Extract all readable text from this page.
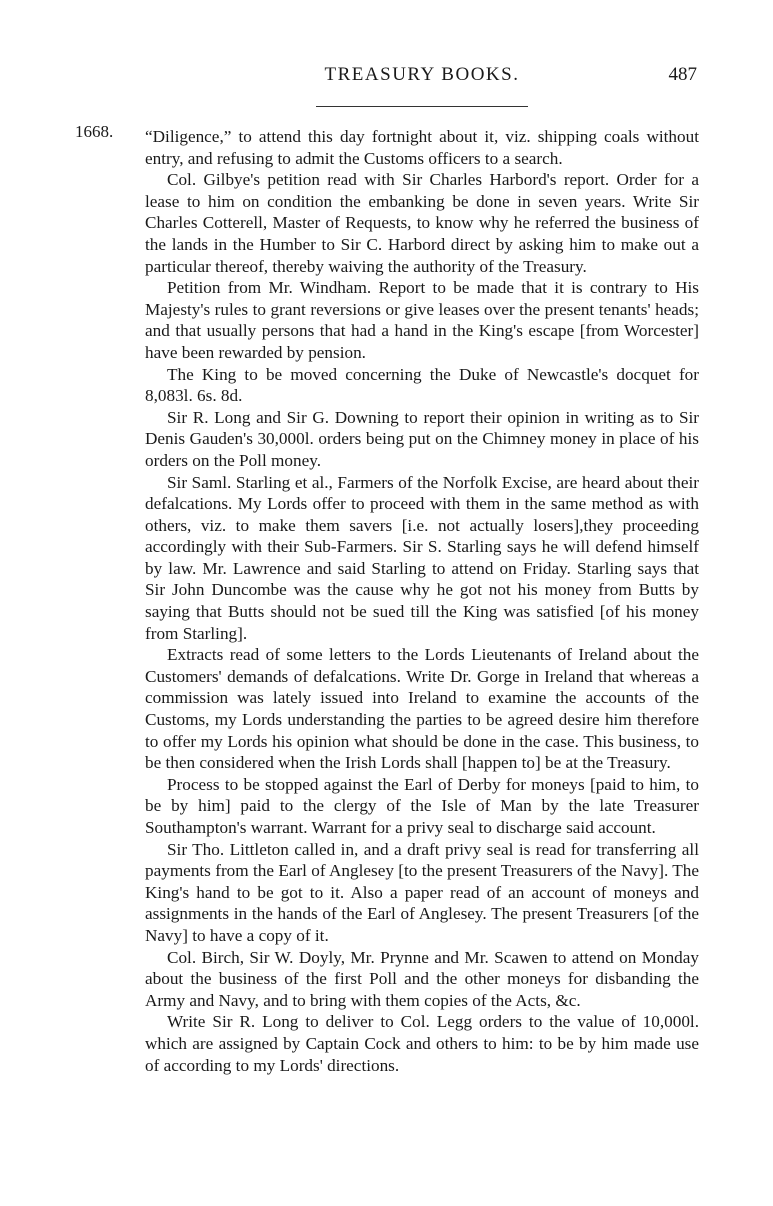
TREASURY BOOKS.	487
1668. “Diligence,” to attend this day fortnight about it, viz. shipping coals without entry, and refusing to admit the Customs officers to a search.

Col. Gilbye's petition read with Sir Charles Harbord's report. Order for a lease to him on condition the embanking be done in seven years. Write Sir Charles Cotterell, Master of Requests, to know why he referred the business of the lands in the Humber to Sir C. Harbord direct by asking him to make out a particular thereof, thereby waiving the authority of the Treasury.

Petition from Mr. Windham. Report to be made that it is contrary to His Majesty's rules to grant reversions or give leases over the present tenants' heads; and that usually persons that had a hand in the King's escape [from Worcester] have been rewarded by pension.

The King to be moved concerning the Duke of Newcastle's docquet for 8,083l. 6s. 8d.

Sir R. Long and Sir G. Downing to report their opinion in writing as to Sir Denis Gauden's 30,000l. orders being put on the Chimney money in place of his orders on the Poll money.

Sir Saml. Starling et al., Farmers of the Norfolk Excise, are heard about their defalcations. My Lords offer to proceed with them in the same method as with others, viz. to make them savers [i.e. not actually losers],they proceeding accordingly with their Sub-Farmers. Sir S. Starling says he will defend himself by law. Mr. Lawrence and said Starling to attend on Friday. Starling says that Sir John Duncombe was the cause why he got not his money from Butts by saying that Butts should not be sued till the King was satisfied [of his money from Starling].

Extracts read of some letters to the Lords Lieutenants of Ireland about the Customers' demands of defalcations. Write Dr. Gorge in Ireland that whereas a commission was lately issued into Ireland to examine the accounts of the Customs, my Lords understanding the parties to be agreed desire him therefore to offer my Lords his opinion what should be done in the case. This business, to be then considered when the Irish Lords shall [happen to] be at the Treasury.

Process to be stopped against the Earl of Derby for moneys [paid to him, to be by him] paid to the clergy of the Isle of Man by the late Treasurer Southampton's warrant. Warrant for a privy seal to discharge said account.

Sir Tho. Littleton called in, and a draft privy seal is read for transferring all payments from the Earl of Anglesey [to the present Treasurers of the Navy]. The King's hand to be got to it. Also a paper read of an account of moneys and assignments in the hands of the Earl of Anglesey. The present Treasurers [of the Navy] to have a copy of it.

Col. Birch, Sir W. Doyly, Mr. Prynne and Mr. Scawen to attend on Monday about the business of the first Poll and the other moneys for disbanding the Army and Navy, and to bring with them copies of the Acts, &c.

Write Sir R. Long to deliver to Col. Legg orders to the value of 10,000l. which are assigned by Captain Cock and others to him: to be by him made use of according to my Lords' directions.
